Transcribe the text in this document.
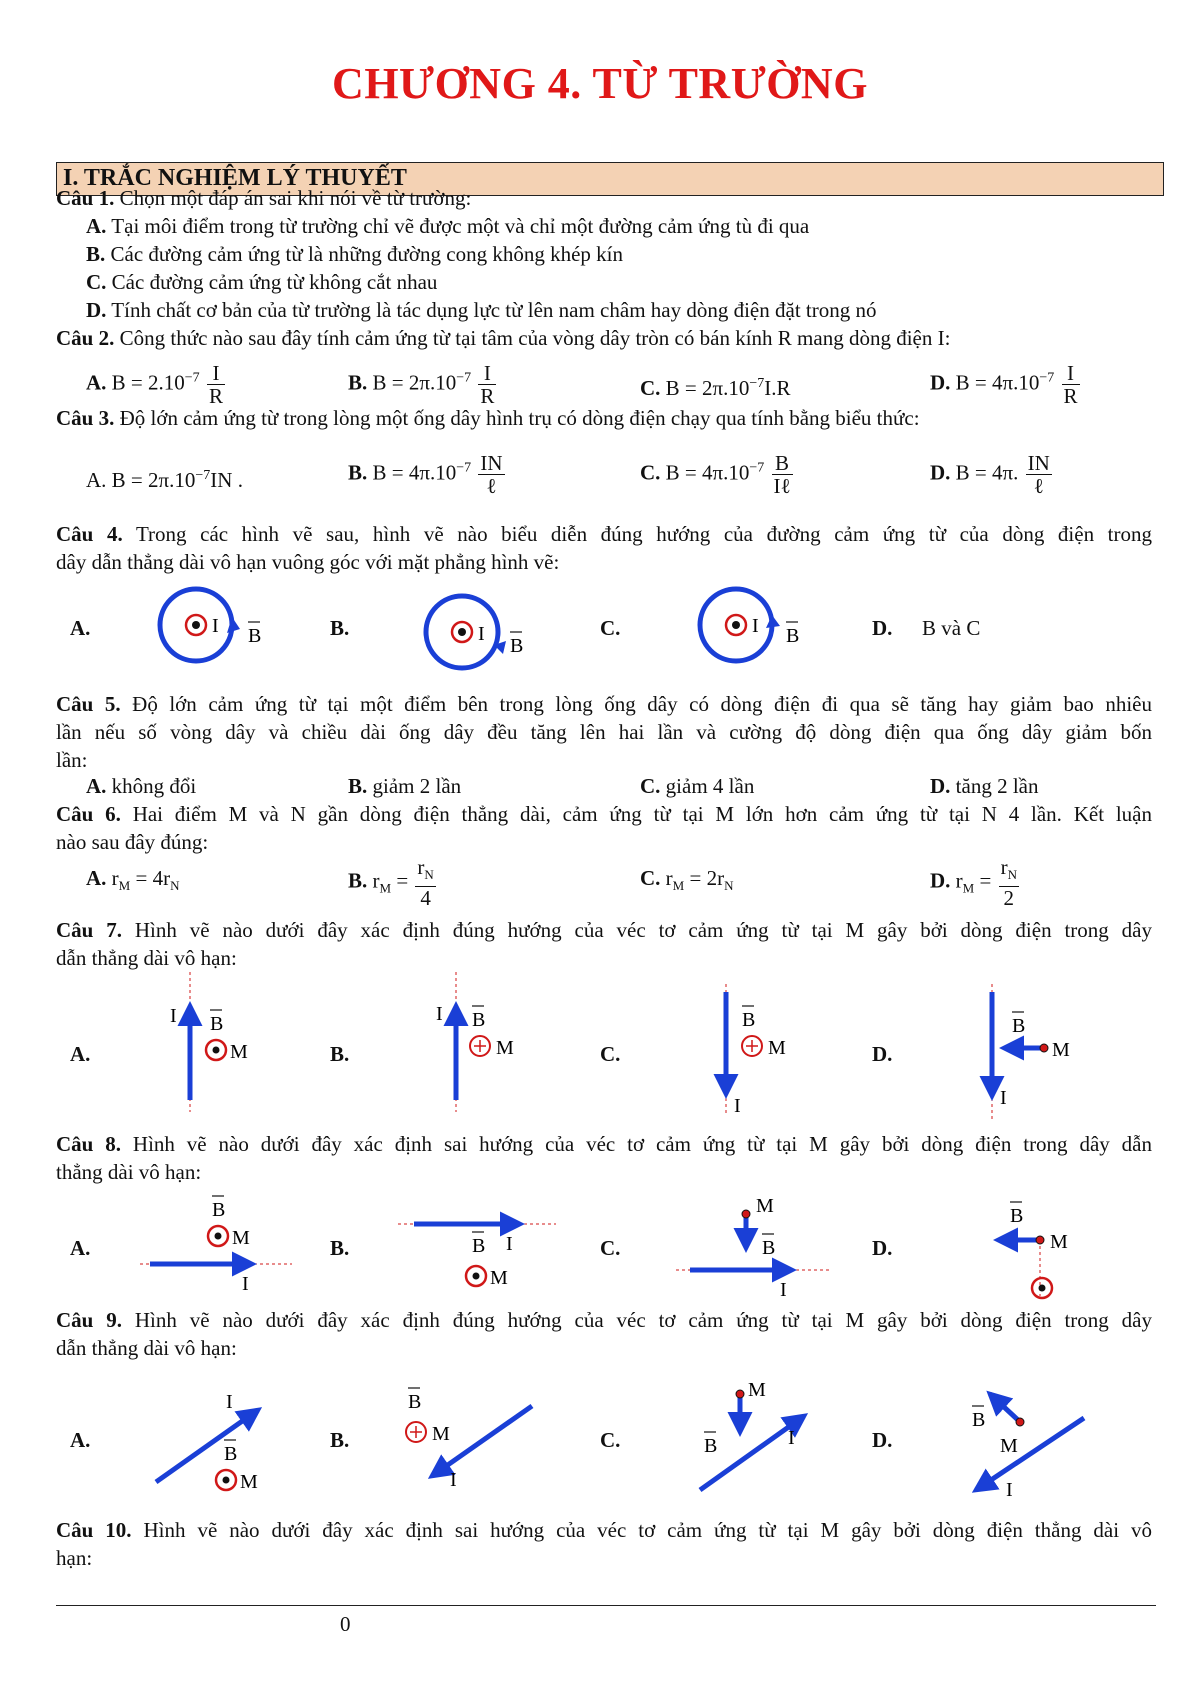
CHƯƠNG 4. TỪ TRƯỜNG
I. TRẮC NGHIỆM LÝ THUYẾT
Câu 1. Chọn một đáp án sai khi nói về từ trường:
A. Tại môi điểm trong từ trường chỉ vẽ được một và chỉ một đường cảm ứng tù đi qua
B. Các đường cảm ứng từ là những đường cong không khép kín
C. Các đường cảm ứng từ không cắt nhau
D. Tính chất cơ bản của từ trường là tác dụng lực từ lên nam châm hay dòng điện đặt trong nó
Câu 2. Công thức nào sau đây tính cảm ứng từ tại tâm của vòng dây tròn có bán kính R mang dòng điện I:
A. $B = 2.10^{-7} \frac{I}{R}$	B. $B = 2\pi.10^{-7} \frac{I}{R}$	C. $B = 2\pi.10^{-7}I.R$	D. $B = 4\pi.10^{-7} \frac{I}{R}$
Câu 3. Độ lớn cảm ứng từ trong lòng một ống dây hình trụ có dòng điện chạy qua tính bằng biểu thức:
A. $B = 2\pi.10^{-7}IN$ .	B. $B = 4\pi.10^{-7} \frac{IN}{\text{ℓ}}$	C. $B = 4\pi.10^{-7} \frac{B}{\text{Iℓ}}$	D. B = 4π. $\frac{IN}{\text{ℓ}}$
Câu 4. Trong các hình vẽ sau, hình vẽ nào biểu diễn đúng hướng của đường cảm ứng từ của dòng điện trong
dây dẫn thẳng dài vô hạn vuông góc với mặt phẳng hình vẽ:
A.	B.	C.	D. B và C
I B	I
B
I B
I B
M
I B
M
B
M
I
B
M
I
B
M
I
B I
M
M
B
I
B
M
I
B
M
B
M
I
M
B	I
B
M
I
Câu 5. Độ lớn cảm ứng từ tại một điểm bên trong lòng ống dây có dòng điện đi qua sẽ tăng hay giảm bao nhiêu
lần nếu số vòng dây và chiều dài ống dây đều tăng lên hai lần và cường độ dòng điện qua ống dây giảm bốn
lần:
A. không đổi	B. giảm 2 lần	C. giảm 4 lần	D. tăng 2 lần
Câu 6. Hai điểm M và N gần dòng điện thẳng dài, cảm ứng từ tại M lớn hơn cảm ứng từ tại N 4 lần. Kết luận
nào sau đây đúng:
A. $r_M = 4r_N$	B. $r_M = \frac{r_N}{4}$	C. $r_M = 2r_N$	D. $r_M = \frac{r_N}{2}$
Câu 7. Hình vẽ nào dưới đây xác định đúng hướng của véc tơ cảm ứng từ tại M gây bởi dòng điện trong dây
dẫn thẳng dài vô hạn:
A.	B.	C.	D.
Câu 8. Hình vẽ nào dưới đây xác định sai hướng của véc tơ cảm ứng từ tại M gây bởi dòng điện trong dây dẫn
thẳng dài vô hạn:
A.	B.	C.	D.
Câu 9. Hình vẽ nào dưới đây xác định đúng hướng của véc tơ cảm ứng từ tại M gây bởi dòng điện trong dây
dẫn thẳng dài vô hạn:
A.	B.	C.	D.
Câu 10. Hình vẽ nào dưới đây xác định sai hướng của véc tơ cảm ứng từ tại M gây bởi dòng điện thẳng dài vô
hạn:
0
